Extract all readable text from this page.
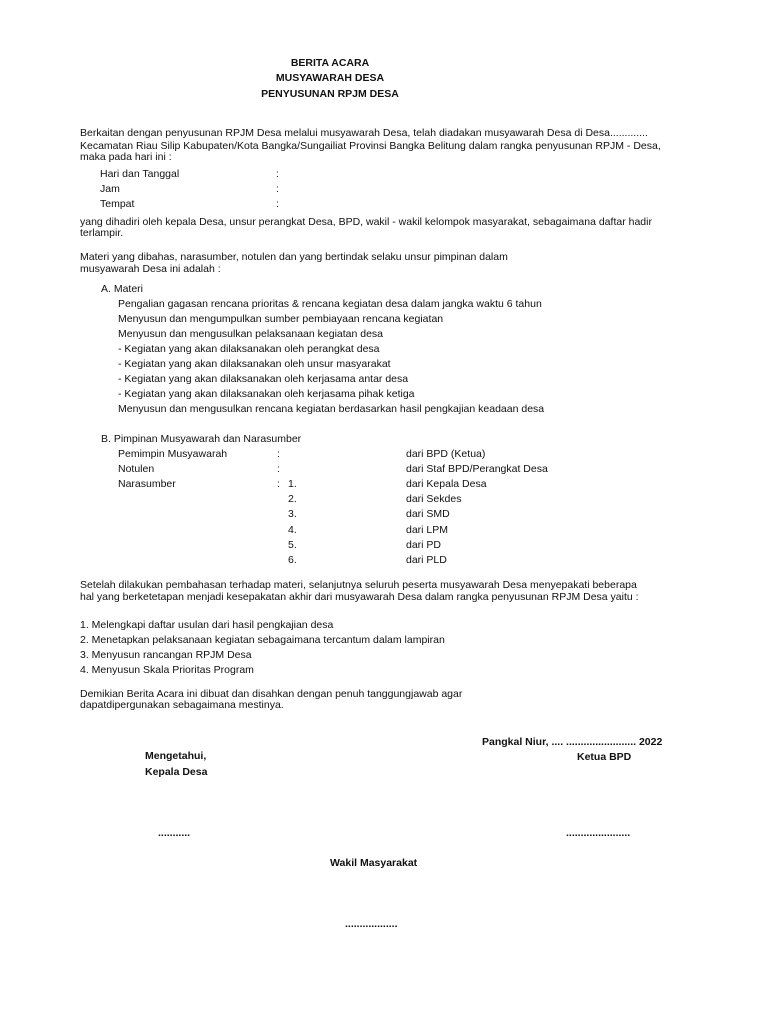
BERITA ACARA
MUSYAWARAH DESA
PENYUSUNAN RPJM DESA
Berkaitan dengan penyusunan RPJM Desa melalui musyawarah Desa, telah diadakan musyawarah Desa di Desa.............
Kecamatan Riau Silip Kabupaten/Kota Bangka/Sungailiat Provinsi Bangka Belitung dalam rangka penyusunan RPJM - Desa,
maka pada hari ini :
Hari dan Tanggal	:
Jam	:
Tempat	:
yang dihadiri oleh kepala Desa, unsur perangkat Desa, BPD, wakil - wakil kelompok masyarakat, sebagaimana daftar hadir
terlampir.
Materi yang dibahas, narasumber, notulen dan yang bertindak selaku unsur pimpinan dalam
musyawarah Desa ini adalah :
A. Materi
Pengalian gagasan rencana prioritas & rencana kegiatan desa dalam jangka waktu 6 tahun
Menyusun dan mengumpulkan sumber pembiayaan rencana kegiatan
Menyusun dan mengusulkan pelaksanaan kegiatan desa
- Kegiatan yang akan dilaksanakan oleh perangkat desa
- Kegiatan yang akan dilaksanakan oleh unsur masyarakat
- Kegiatan yang akan dilaksanakan oleh kerjasama antar desa
- Kegiatan yang akan dilaksanakan oleh kerjasama pihak ketiga
Menyusun dan mengusulkan rencana kegiatan berdasarkan hasil pengkajian keadaan desa
B. Pimpinan Musyawarah dan Narasumber
Pemimpin Musyawarah	:	dari BPD (Ketua)
Notulen	:	dari Staf BPD/Perangkat Desa
Narasumber	: 1.	dari Kepala Desa
2.	dari Sekdes
3.	dari SMD
4.	dari LPM
5.	dari PD
6.	dari PLD
Setelah dilakukan pembahasan terhadap materi, selanjutnya seluruh peserta musyawarah Desa menyepakati beberapa
hal yang berketetapan menjadi kesepakatan akhir dari musyawarah Desa dalam rangka penyusunan RPJM Desa yaitu :
1. Melengkapi daftar usulan dari hasil pengkajian desa
2. Menetapkan pelaksanaan kegiatan sebagaimana tercantum dalam lampiran
3. Menyusun rancangan RPJM Desa
4. Menyusun Skala Prioritas Program
Demikian Berita Acara ini dibuat dan disahkan dengan penuh tanggungjawab agar
dapatdipergunakan sebagaimana mestinya.
Pangkal Niur, .... ........................ 2022
Mengetahui,	Ketua BPD
Kepala Desa
...........	......................
Wakil Masyarakat
..................
